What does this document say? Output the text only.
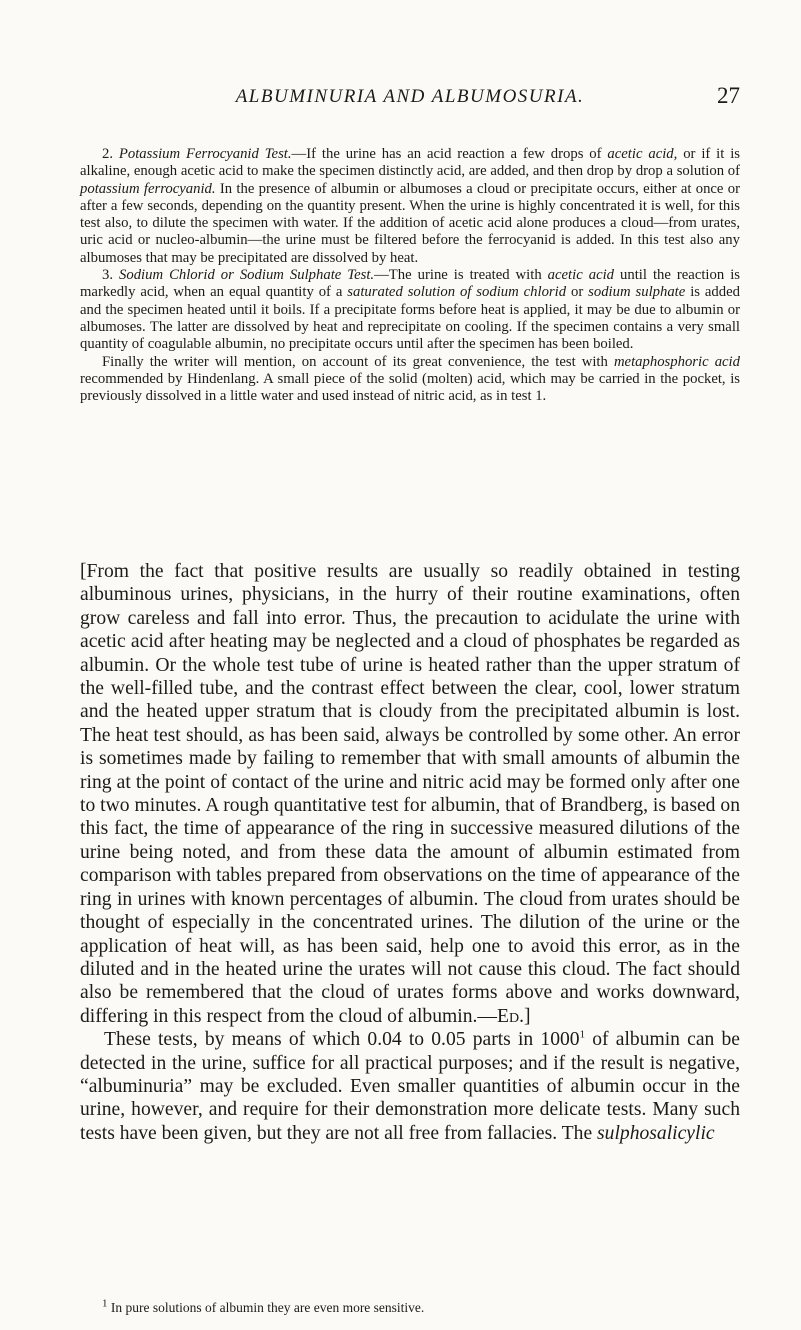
ALBUMINURIA AND ALBUMOSURIA.	27

2. Potassium Ferrocyanid Test.—If the urine has an acid reaction a few drops of acetic acid, or if it is alkaline, enough acetic acid to make the specimen distinctly acid, are added, and then drop by drop a solution of potassium ferrocyanid. In the presence of albumin or albumoses a cloud or precipitate occurs, either at once or after a few seconds, depending on the quantity present. When the urine is highly concentrated it is well, for this test also, to dilute the specimen with water. If the addition of acetic acid alone produces a cloud—from urates, uric acid or nucleo-albumin—the urine must be filtered before the ferrocyanid is added. In this test also any albumoses that may be precipitated are dissolved by heat.

3. Sodium Chlorid or Sodium Sulphate Test.—The urine is treated with acetic acid until the reaction is markedly acid, when an equal quantity of a saturated solution of sodium chlorid or sodium sulphate is added and the specimen heated until it boils. If a precipitate forms before heat is applied, it may be due to albumin or albumoses. The latter are dissolved by heat and reprecipitate on cooling. If the specimen contains a very small quantity of coagulable albumin, no precipitate occurs until after the specimen has been boiled.

Finally the writer will mention, on account of its great convenience, the test with metaphosphoric acid recommended by Hindenlang. A small piece of the solid (molten) acid, which may be carried in the pocket, is previously dissolved in a little water and used instead of nitric acid, as in test 1.

[From the fact that positive results are usually so readily obtained in testing albuminous urines, physicians, in the hurry of their routine examinations, often grow careless and fall into error. Thus, the precaution to acidulate the urine with acetic acid after heating may be neglected and a cloud of phosphates be regarded as albumin. Or the whole test tube of urine is heated rather than the upper stratum of the well-filled tube, and the contrast effect between the clear, cool, lower stratum and the heated upper stratum that is cloudy from the precipitated albumin is lost. The heat test should, as has been said, always be controlled by some other. An error is sometimes made by failing to remember that with small amounts of albumin the ring at the point of contact of the urine and nitric acid may be formed only after one to two minutes. A rough quantitative test for albumin, that of Brandberg, is based on this fact, the time of appearance of the ring in successive measured dilutions of the urine being noted, and from these data the amount of albumin estimated from comparison with tables prepared from observations on the time of appearance of the ring in urines with known percentages of albumin. The cloud from urates should be thought of especially in the concentrated urines. The dilution of the urine or the application of heat will, as has been said, help one to avoid this error, as in the diluted and in the heated urine the urates will not cause this cloud. The fact should also be remembered that the cloud of urates forms above and works downward, differing in this respect from the cloud of albumin.—Ed.]

These tests, by means of which 0.04 to 0.05 parts in 1000$^1$ of albumin can be detected in the urine, suffice for all practical purposes; and if the result is negative, “albuminuria” may be excluded. Even smaller quantities of albumin occur in the urine, however, and require for their demonstration more delicate tests. Many such tests have been given, but they are not all free from fallacies. The sulphosalicylic

$^1$ In pure solutions of albumin they are even more sensitive.
